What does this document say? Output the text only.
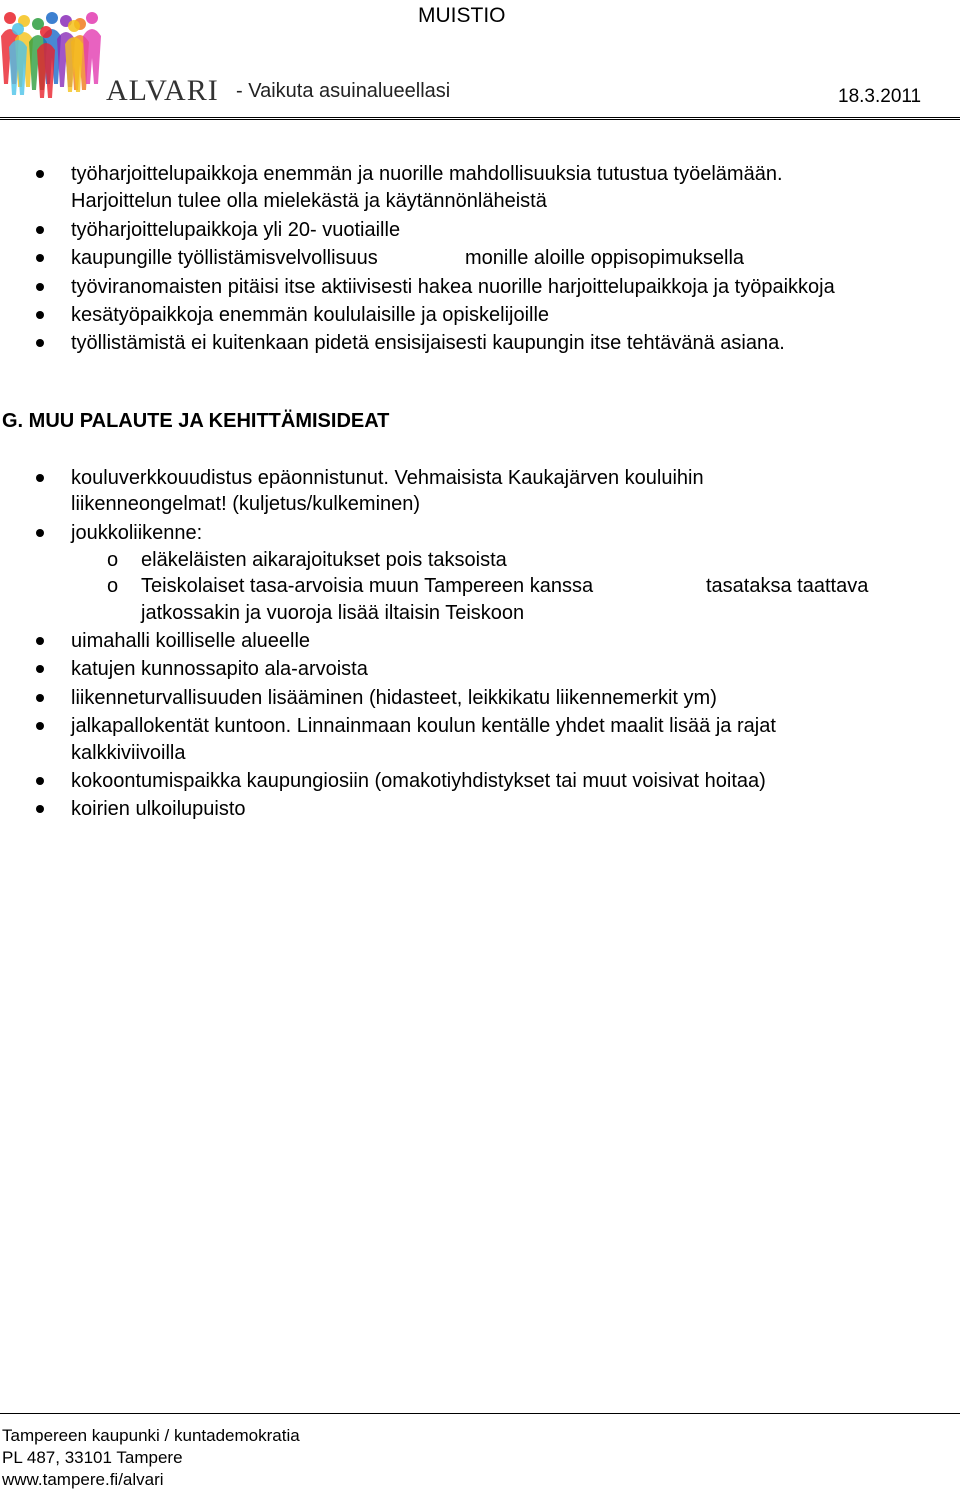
MUISTIO
ALVARI - Vaikuta asuinalueellasi	18.3.2011
työharjoittelupaikkoja enemmän ja nuorille mahdollisuuksia tutustua työelämään.
Harjoittelun tulee olla mielekästä ja käytännönläheistä
työharjoittelupaikkoja yli 20- vuotiaille
kaupungille työllistämisvelvollisuus	monille aloille oppisopimuksella
työviranomaisten pitäisi itse aktiivisesti hakea nuorille harjoittelupaikkoja ja työpaikkoja
kesätyöpaikkoja enemmän koululaisille ja opiskelijoille
työllistämistä ei kuitenkaan pidetä ensisijaisesti kaupungin itse tehtävänä asiana.
G. MUU PALAUTE JA KEHITTÄMISIDEAT
kouluverkkouudistus epäonnistunut. Vehmaisista Kaukajärven kouluihin
liikenneongelmat! (kuljetus/kulkeminen)
joukkoliikenne:
o eläkeläisten aikarajoitukset pois taksoista
o Teiskolaiset tasa-arvoisia muun Tampereen kanssa	tasataksa taattava
jatkossakin ja vuoroja lisää iltaisin Teiskoon
uimahalli koilliselle alueelle
katujen kunnossapito ala-arvoista
liikenneturvallisuuden lisääminen (hidasteet, leikkikatu liikennemerkit ym)
jalkapallokentät kuntoon. Linnainmaan koulun kentälle yhdet maalit lisää ja rajat
kalkkiviivoilla
kokoontumispaikka kaupungiosiin (omakotiyhdistykset tai muut voisivat hoitaa)
koirien ulkoilupuisto
Tampereen kaupunki / kuntademokratia
PL 487, 33101 Tampere
www.tampere.fi/alvari
